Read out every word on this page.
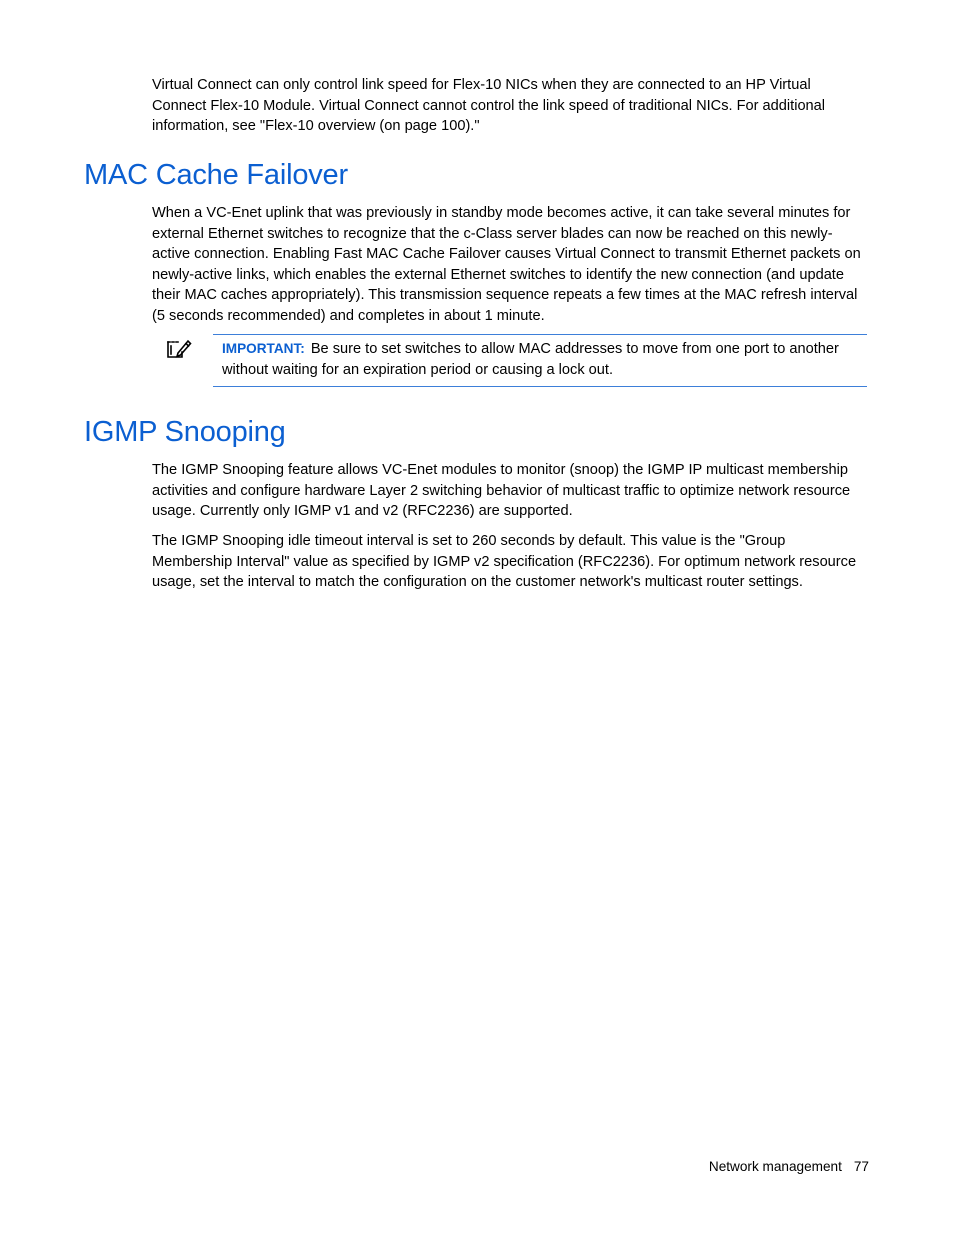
Virtual Connect can only control link speed for Flex-10 NICs when they are connected to an HP Virtual Connect Flex-10 Module. Virtual Connect cannot control the link speed of traditional NICs. For additional information, see "Flex-10 overview (on page 100)."

MAC Cache Failover

When a VC-Enet uplink that was previously in standby mode becomes active, it can take several minutes for external Ethernet switches to recognize that the c-Class server blades can now be reached on this newly-active connection. Enabling Fast MAC Cache Failover causes Virtual Connect to transmit Ethernet packets on newly-active links, which enables the external Ethernet switches to identify the new connection (and update their MAC caches appropriately). This transmission sequence repeats a few times at the MAC refresh interval (5 seconds recommended) and completes in about 1 minute.

IMPORTANT: Be sure to set switches to allow MAC addresses to move from one port to another without waiting for an expiration period or causing a lock out.

IGMP Snooping

The IGMP Snooping feature allows VC-Enet modules to monitor (snoop) the IGMP IP multicast membership activities and configure hardware Layer 2 switching behavior of multicast traffic to optimize network resource usage. Currently only IGMP v1 and v2 (RFC2236) are supported.

The IGMP Snooping idle timeout interval is set to 260 seconds by default. This value is the "Group Membership Interval" value as specified by IGMP v2 specification (RFC2236). For optimum network resource usage, set the interval to match the configuration on the customer network's multicast router settings.

Network management 77
